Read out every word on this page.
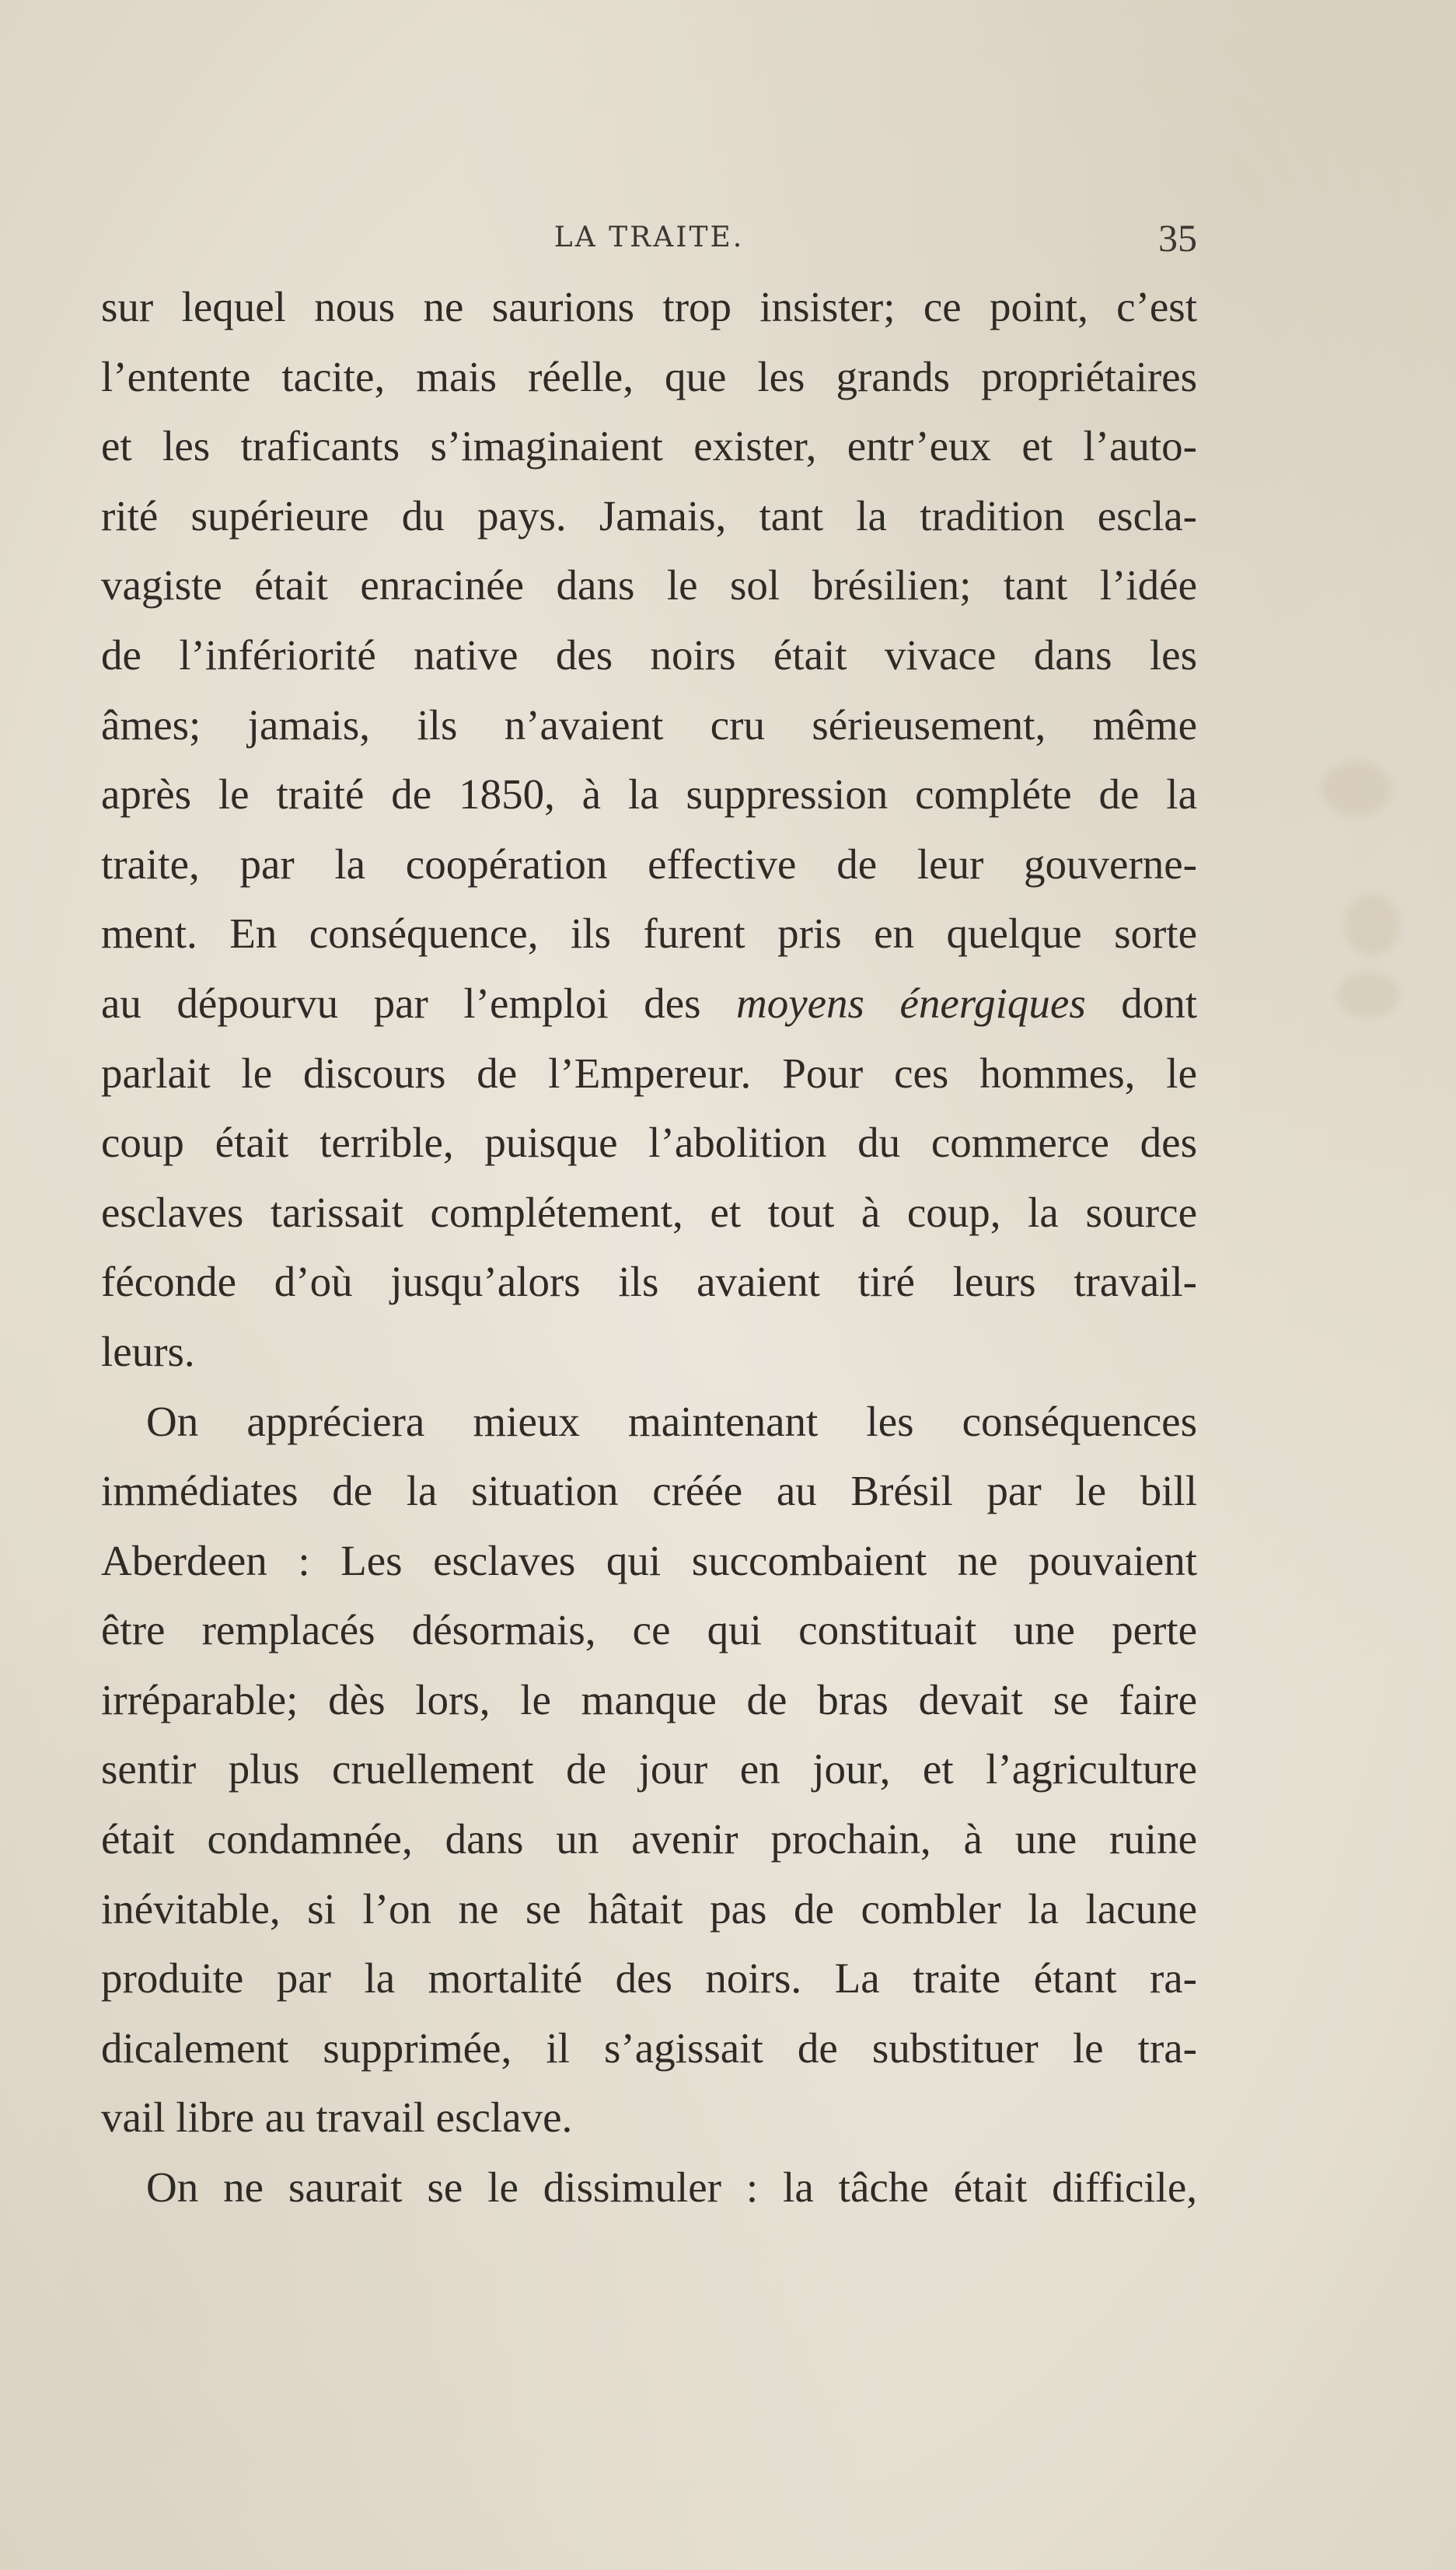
LA TRAITE.	35
sur lequel nous ne saurions trop insister; ce point, c’est
l’entente tacite, mais réelle, que les grands propriétaires
et les traficants s’imaginaient exister, entr’eux et l’auto-
rité supérieure du pays. Jamais, tant la tradition escla-
vagiste était enracinée dans le sol brésilien; tant l’idée
de l’infériorité native des noirs était vivace dans les
âmes; jamais, ils n’avaient cru sérieusement, même
après le traité de 1850, à la suppression compléte de la
traite, par la coopération effective de leur gouverne-
ment. En conséquence, ils furent pris en quelque sorte
au dépourvu par l’emploi des moyens énergiques dont
parlait le discours de l’Empereur. Pour ces hommes, le
coup était terrible, puisque l’abolition du commerce des
esclaves tarissait complétement, et tout à coup, la source
féconde d’où jusqu’alors ils avaient tiré leurs travail-
leurs.
On appréciera mieux maintenant les conséquences
immédiates de la situation créée au Brésil par le bill
Aberdeen : Les esclaves qui succombaient ne pouvaient
être remplacés désormais, ce qui constituait une perte
irréparable; dès lors, le manque de bras devait se faire
sentir plus cruellement de jour en jour, et l’agriculture
était condamnée, dans un avenir prochain, à une ruine
inévitable, si l’on ne se hâtait pas de combler la lacune
produite par la mortalité des noirs. La traite étant ra-
dicalement supprimée, il s’agissait de substituer le tra-
vail libre au travail esclave.
On ne saurait se le dissimuler : la tâche était difficile,
